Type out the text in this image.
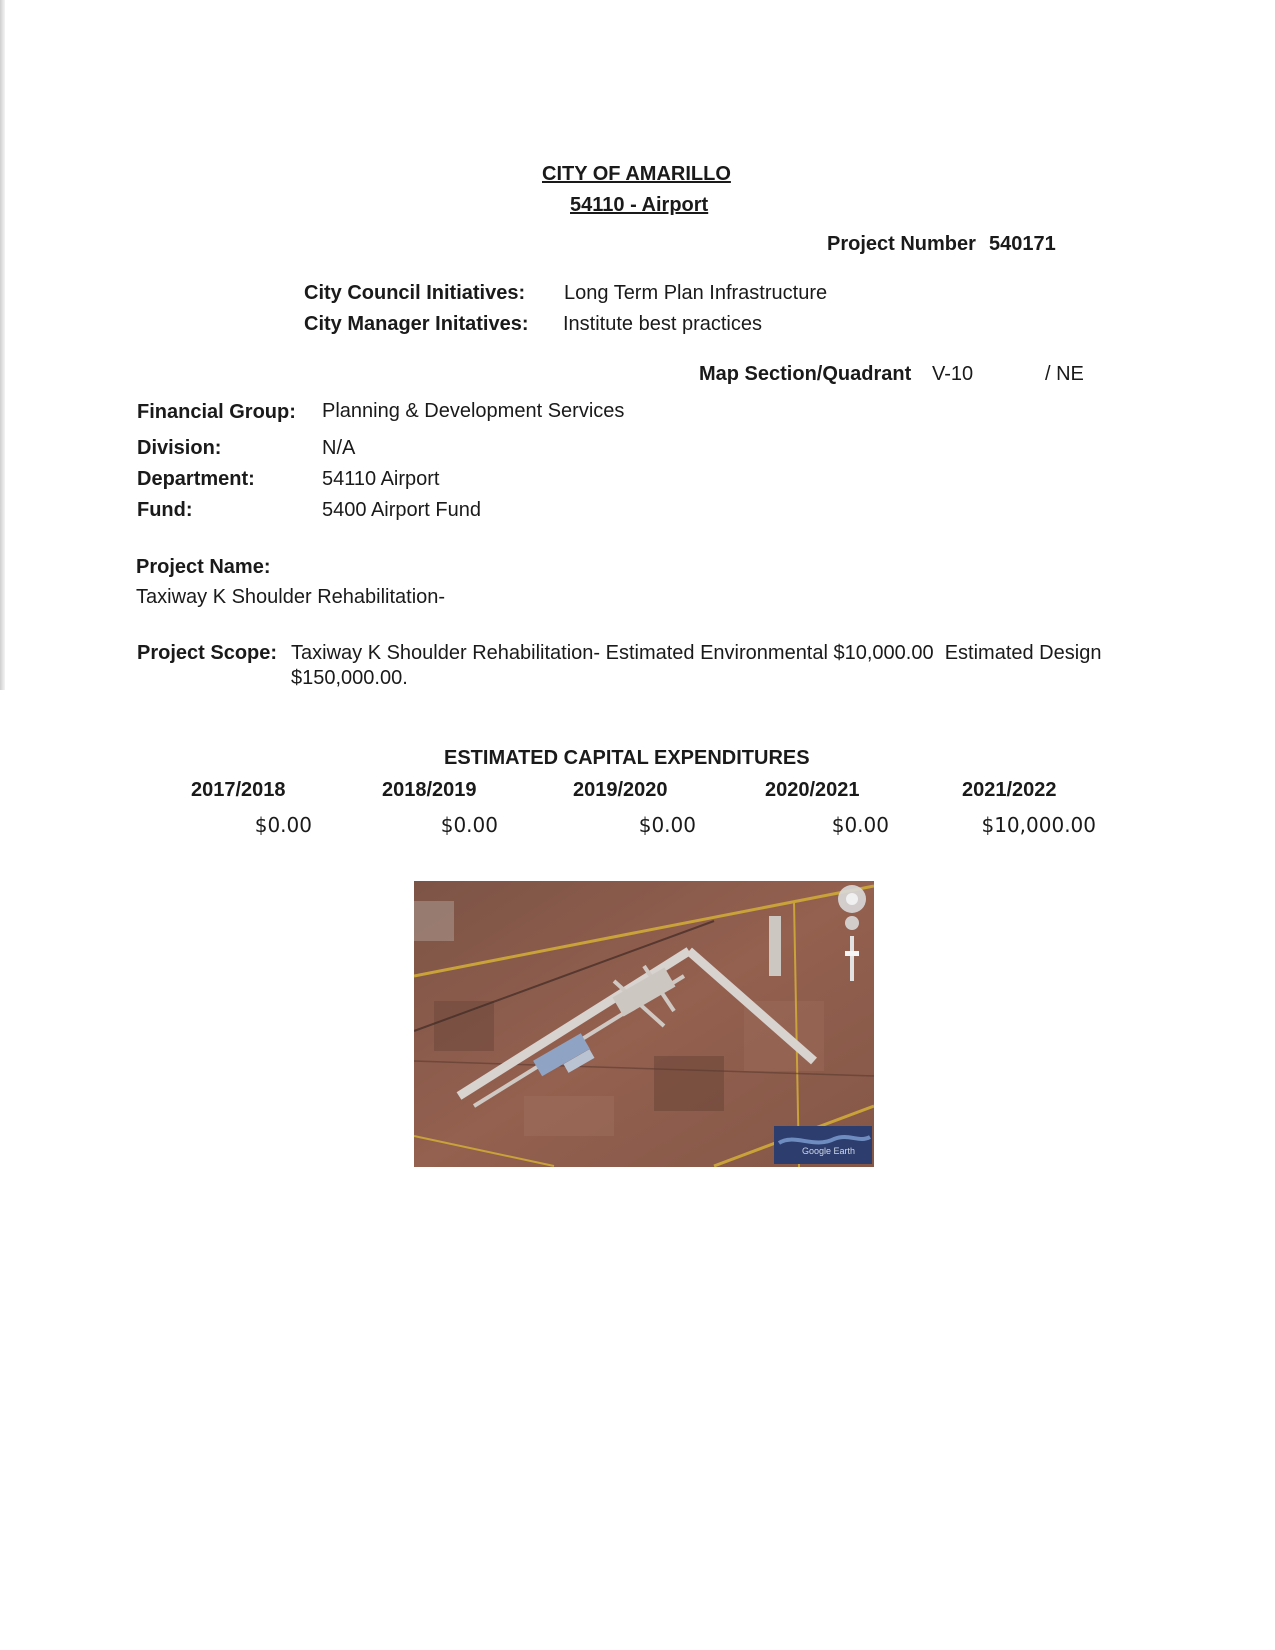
CITY OF AMARILLO
54110 - Airport
Project Number 540171
City Council Initiatives: Long Term Plan Infrastructure
City Manager Initatives: Institute best practices
Map Section/Quadrant V-10	/ NE
Financial Group: Planning & Development Services
Division:	N/A
Department:	54110 Airport
Fund:	5400 Airport Fund
Project Name:
Taxiway K Shoulder Rehabilitation-
Project Scope: Taxiway K Shoulder Rehabilitation- Estimated Environmental $10,000.00  Estimated Design
$150,000.00.
ESTIMATED CAPITAL EXPENDITURES
2017/2018	2018/2019	2019/2020	2020/2021	2021/2022
$0.00	$0.00	$0.00	$0.00	$10,000.00
Google Earth
